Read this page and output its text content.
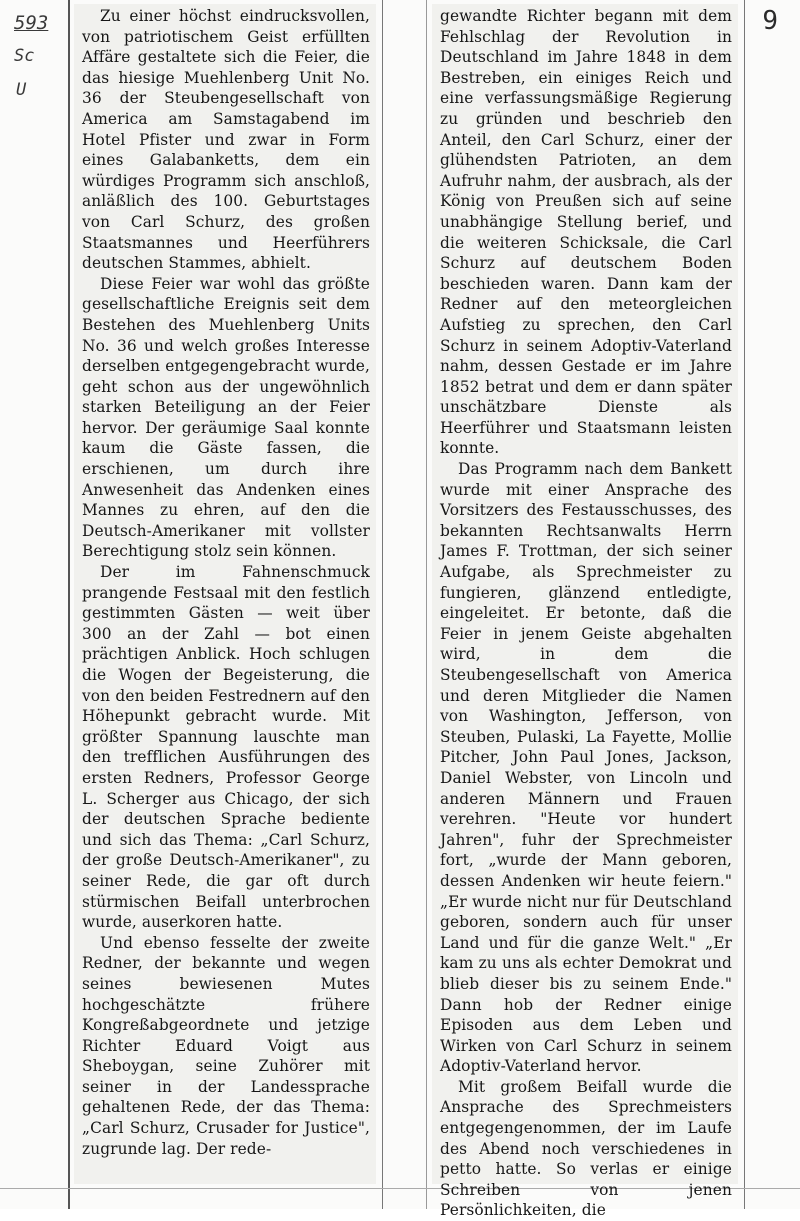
593
Sc
U
9

Zu einer höchst eindrucksvollen, von patriotischem Geist erfüllten Affäre gestaltete sich die Feier, die das hiesige Muehlenberg Unit No. 36 der Steubengesellschaft von America am Samstagabend im Hotel Pfister und zwar in Form eines Galabanketts, dem ein würdiges Programm sich anschloß, anläßlich des 100. Geburtstages von Carl Schurz, des großen Staatsmannes und Heerführers deutschen Stammes, abhielt.

Diese Feier war wohl das größte gesellschaftliche Ereignis seit dem Bestehen des Muehlenberg Units No. 36 und welch großes Interesse derselben entgegengebracht wurde, geht schon aus der ungewöhnlich starken Beteiligung an der Feier hervor. Der geräumige Saal konnte kaum die Gäste fassen, die erschienen, um durch ihre Anwesenheit das Andenken eines Mannes zu ehren, auf den die Deutsch-Amerikaner mit vollster Berechtigung stolz sein können.

Der im Fahnenschmuck prangende Festsaal mit den festlich gestimmten Gästen — weit über 300 an der Zahl — bot einen prächtigen Anblick. Hoch schlugen die Wogen der Begeisterung, die von den beiden Festrednern auf den Höhepunkt gebracht wurde. Mit größter Spannung lauschte man den trefflichen Ausführungen des ersten Redners, Professor George L. Scherger aus Chicago, der sich der deutschen Sprache bediente und sich das Thema: „Carl Schurz, der große Deutsch-Amerikaner", zu seiner Rede, die gar oft durch stürmischen Beifall unterbrochen wurde, auserkoren hatte.

Und ebenso fesselte der zweite Redner, der bekannte und wegen seines bewiesenen Mutes hochgeschätzte frühere Kongreßabgeordnete und jetzige Richter Eduard Voigt aus Sheboygan, seine Zuhörer mit seiner in der Landessprache gehaltenen Rede, der das Thema: „Carl Schurz, Crusader for Justice", zugrunde lag. Der rede-

gewandte Richter begann mit dem Fehlschlag der Revolution in Deutschland im Jahre 1848 in dem Bestreben, ein einiges Reich und eine verfassungsmäßige Regierung zu gründen und beschrieb den Anteil, den Carl Schurz, einer der glühendsten Patrioten, an dem Aufruhr nahm, der ausbrach, als der König von Preußen sich auf seine unabhängige Stellung berief, und die weiteren Schicksale, die Carl Schurz auf deutschem Boden beschieden waren. Dann kam der Redner auf den meteorgleichen Aufstieg zu sprechen, den Carl Schurz in seinem Adoptiv-Vaterland nahm, dessen Gestade er im Jahre 1852 betrat und dem er dann später unschätzbare Dienste als Heerführer und Staatsmann leisten konnte.

Das Programm nach dem Bankett wurde mit einer Ansprache des Vorsitzers des Festausschusses, des bekannten Rechtsanwalts Herrn James F. Trottman, der sich seiner Aufgabe, als Sprechmeister zu fungieren, glänzend entledigte, eingeleitet. Er betonte, daß die Feier in jenem Geiste abgehalten wird, in dem die Steubengesellschaft von America und deren Mitglieder die Namen von Washington, Jefferson, von Steuben, Pulaski, La Fayette, Mollie Pitcher, John Paul Jones, Jackson, Daniel Webster, von Lincoln und anderen Männern und Frauen verehren. "Heute vor hundert Jahren", fuhr der Sprechmeister fort, „wurde der Mann geboren, dessen Andenken wir heute feiern." „Er wurde nicht nur für Deutschland geboren, sondern auch für unser Land und für die ganze Welt." „Er kam zu uns als echter Demokrat und blieb dieser bis zu seinem Ende." Dann hob der Redner einige Episoden aus dem Leben und Wirken von Carl Schurz in seinem Adoptiv-Vaterland hervor.

Mit großem Beifall wurde die Ansprache des Sprechmeisters entgegengenommen, der im Laufe des Abend noch verschiedenes in petto hatte. So verlas er einige Schreiben von jenen Persönlichkeiten, die
